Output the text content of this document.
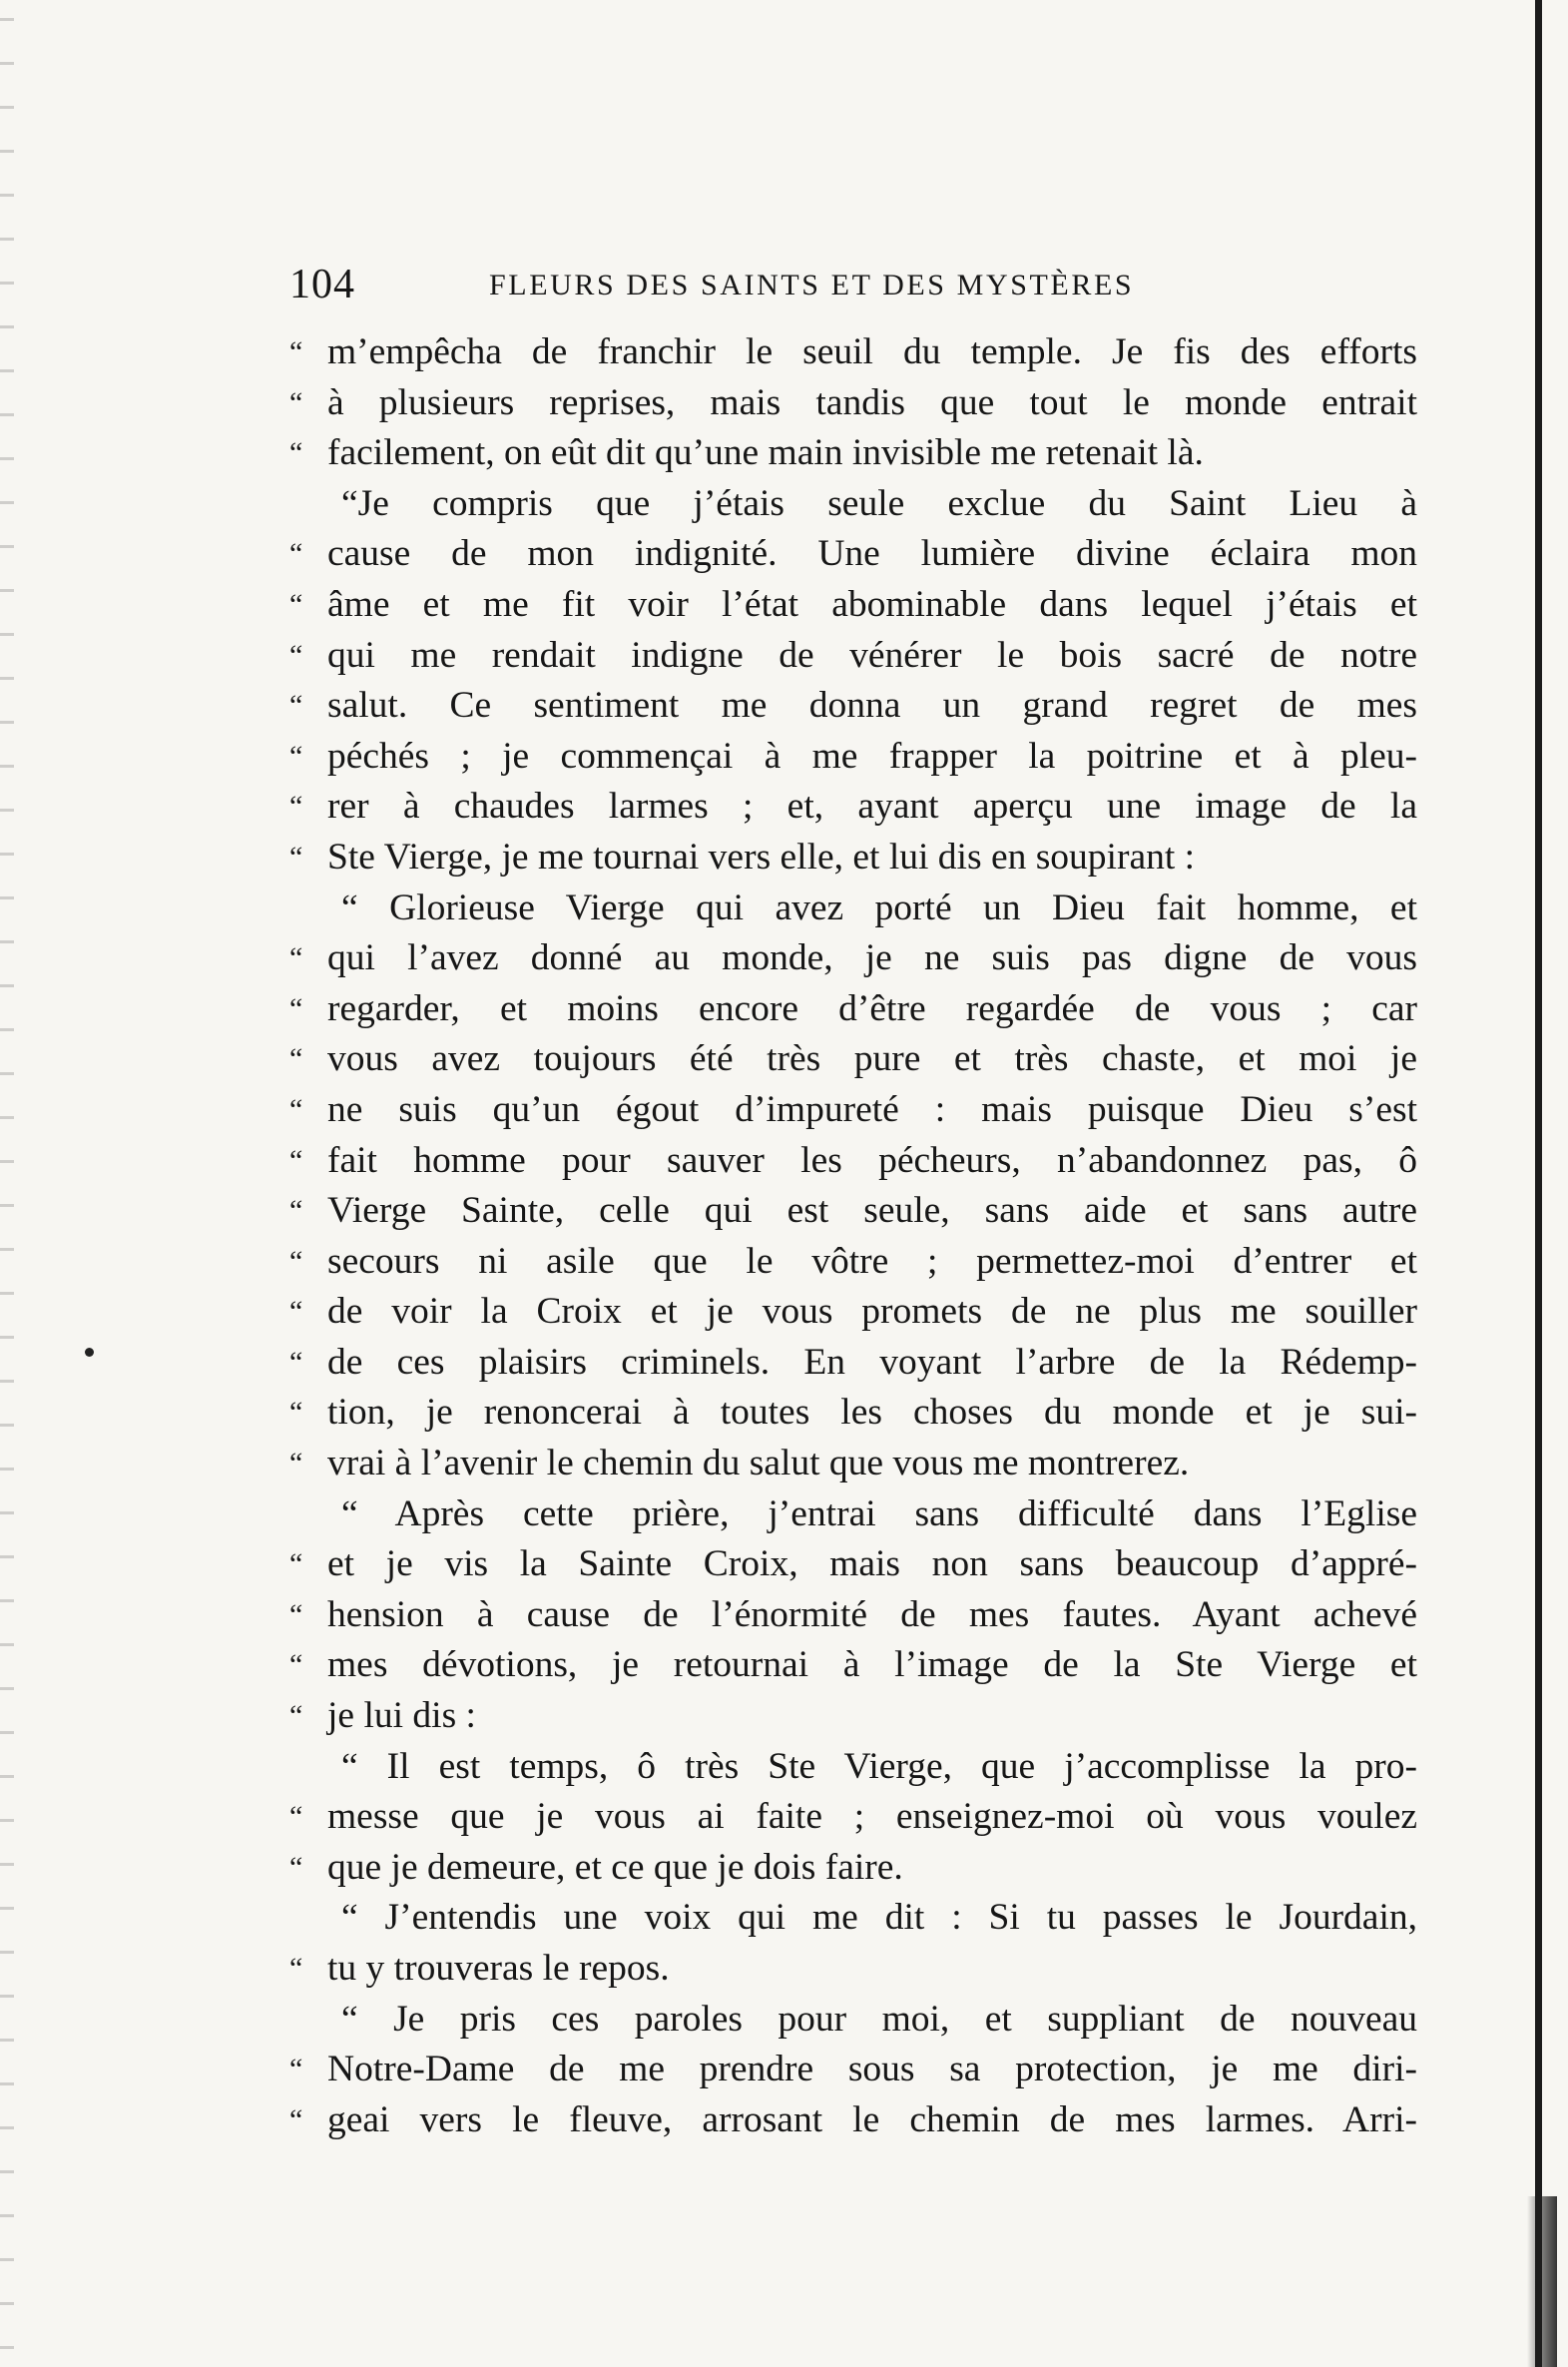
104	FLEURS DES SAINTS ET DES MYSTÈRES
“ m’empêcha de franchir le seuil du temple. Je fis des efforts
“ à plusieurs reprises, mais tandis que tout le monde entrait
“ facilement, on eût dit qu’une main invisible me retenait là.
“Je compris que j’étais seule exclue du Saint Lieu à
“ cause de mon indignité. Une lumière divine éclaira mon
“ âme et me fit voir l’état abominable dans lequel j’étais et
“ qui me rendait indigne de vénérer le bois sacré de notre
“ salut. Ce sentiment me donna un grand regret de mes
“ péchés ; je commençai à me frapper la poitrine et à pleu-
“ rer à chaudes larmes ; et, ayant aperçu une image de la
“ Ste Vierge, je me tournai vers elle, et lui dis en soupirant :
“ Glorieuse Vierge qui avez porté un Dieu fait homme, et
“ qui l’avez donné au monde, je ne suis pas digne de vous
“ regarder, et moins encore d’être regardée de vous ; car
“ vous avez toujours été très pure et très chaste, et moi je
“ ne suis qu’un égout d’impureté : mais puisque Dieu s’est
“ fait homme pour sauver les pécheurs, n’abandonnez pas, ô
“ Vierge Sainte, celle qui est seule, sans aide et sans autre
“ secours ni asile que le vôtre ; permettez-moi d’entrer et
“ de voir la Croix et je vous promets de ne plus me souiller
“ de ces plaisirs criminels. En voyant l’arbre de la Rédemp-
“ tion, je renoncerai à toutes les choses du monde et je sui-
“ vrai à l’avenir le chemin du salut que vous me montrerez.
“ Après cette prière, j’entrai sans difficulté dans l’Eglise
“ et je vis la Sainte Croix, mais non sans beaucoup d’appré-
“ hension à cause de l’énormité de mes fautes. Ayant achevé
“ mes dévotions, je retournai à l’image de la Ste Vierge et
“ je lui dis :
“ Il est temps, ô très Ste Vierge, que j’accomplisse la pro-
“ messe que je vous ai faite ; enseignez-moi où vous voulez
“ que je demeure, et ce que je dois faire.
“ J’entendis une voix qui me dit : Si tu passes le Jourdain,
“ tu y trouveras le repos.
“ Je pris ces paroles pour moi, et suppliant de nouveau
“ Notre-Dame de me prendre sous sa protection, je me diri-
“ geai vers le fleuve, arrosant le chemin de mes larmes. Arri-
